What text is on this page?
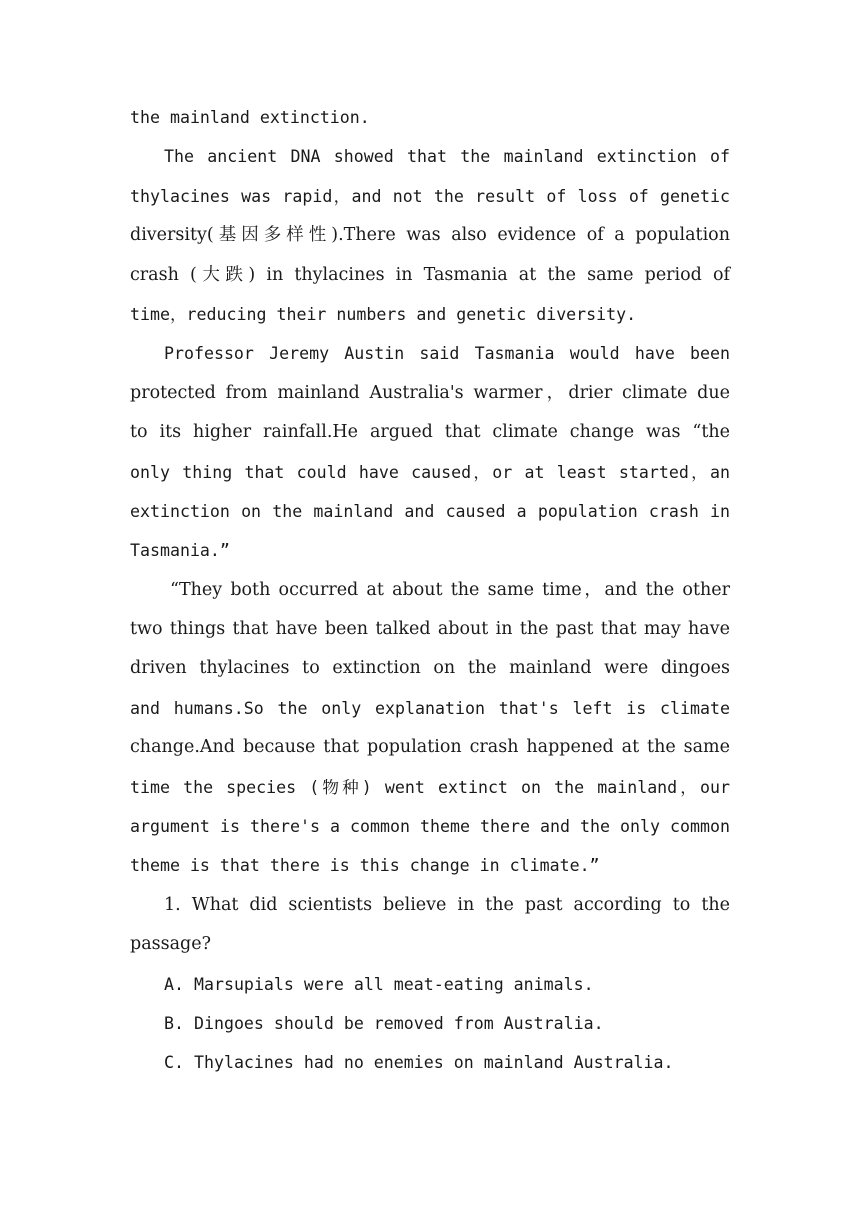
the mainland extinction.
The ancient DNA showed that the mainland extinction of
thylacines was rapid，and not the result of loss of genetic
diversity(基因多样性).There was also evidence of a population
crash (大跌) in thylacines in Tasmania at the same period of
time，reducing their numbers and genetic diversity.
Professor Jeremy Austin said Tasmania would have been
protected from mainland Australia's warmer，drier climate due
to its higher rainfall.He argued that climate change was “the
only thing that could have caused，or at least started，an
extinction on the mainland and caused a population crash in
Tasmania.”
“They both occurred at about the same time，and the other
two things that have been talked about in the past that may have
driven thylacines to extinction on the mainland were dingoes
and humans.So the only explanation that's left is climate
change.And because that population crash happened at the same
time the species (物种) went extinct on the mainland，our
argument is there's a common theme there and the only common
theme is that there is this change in climate.”
1. What did scientists believe in the past according to the
passage?
A. Marsupials were all meat-eating animals.
B. Dingoes should be removed from Australia.
C. Thylacines had no enemies on mainland Australia.
